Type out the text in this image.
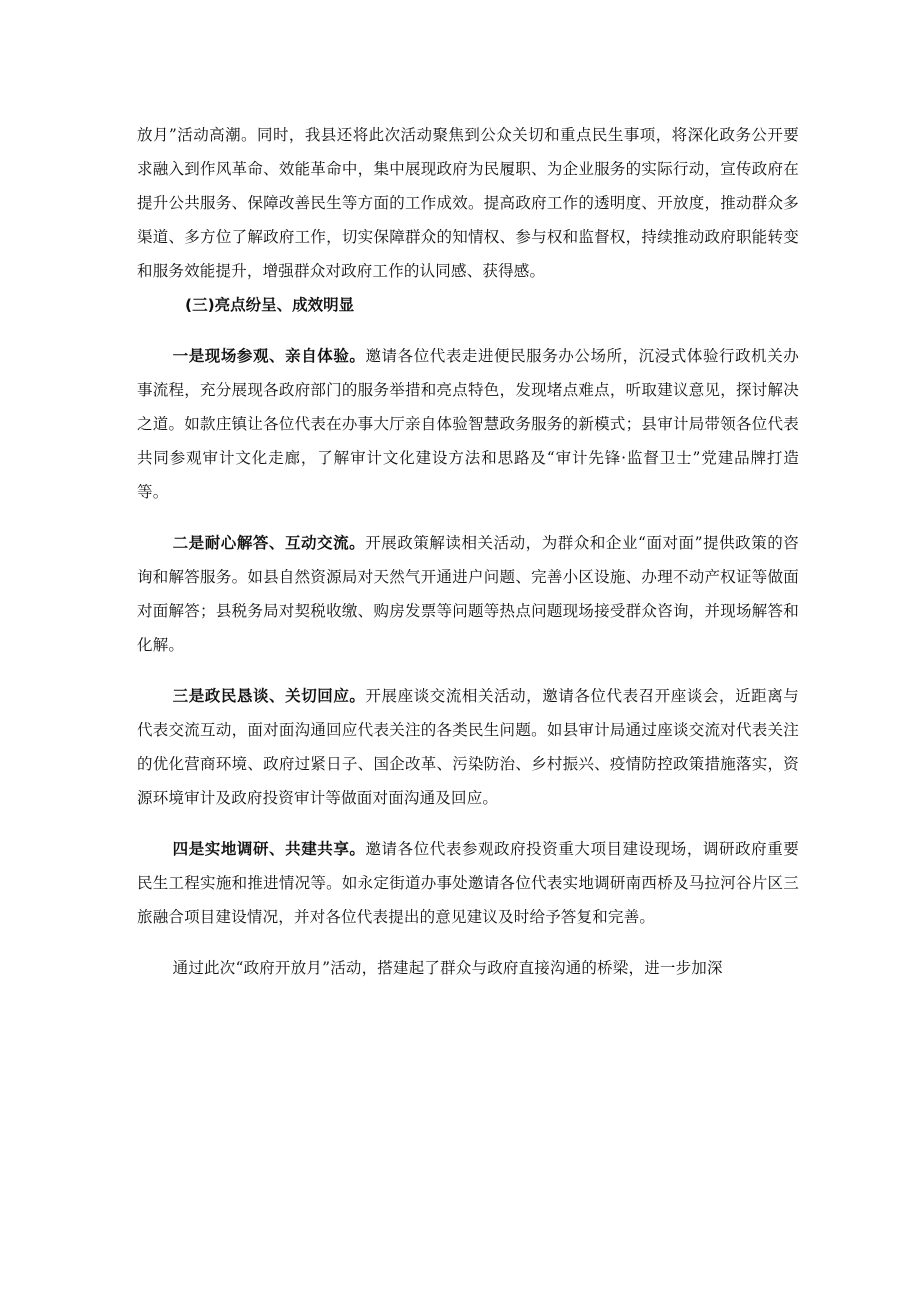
放月”活动高潮。同时，我县还将此次活动聚焦到公众关切和重点民生事项，将深化政务公开要求融入到作风革命、效能革命中，集中展现政府为民履职、为企业服务的实际行动，宣传政府在提升公共服务、保障改善民生等方面的工作成效。提高政府工作的透明度、开放度，推动群众多渠道、多方位了解政府工作，切实保障群众的知情权、参与权和监督权，持续推动政府职能转变和服务效能提升，增强群众对政府工作的认同感、获得感。

(三)亮点纷呈、成效明显

一是现场参观、亲自体验。邀请各位代表走进便民服务办公场所，沉浸式体验行政机关办事流程，充分展现各政府部门的服务举措和亮点特色，发现堵点难点，听取建议意见，探讨解决之道。如款庄镇让各位代表在办事大厅亲自体验智慧政务服务的新模式；县审计局带领各位代表共同参观审计文化走廊，了解审计文化建设方法和思路及“审计先锋·监督卫士”党建品牌打造等。

二是耐心解答、互动交流。开展政策解读相关活动，为群众和企业“面对面”提供政策的咨询和解答服务。如县自然资源局对天然气开通进户问题、完善小区设施、办理不动产权证等做面对面解答；县税务局对契税收缴、购房发票等问题等热点问题现场接受群众咨询，并现场解答和化解。

三是政民恳谈、关切回应。开展座谈交流相关活动，邀请各位代表召开座谈会，近距离与代表交流互动，面对面沟通回应代表关注的各类民生问题。如县审计局通过座谈交流对代表关注的优化营商环境、政府过紧日子、国企改革、污染防治、乡村振兴、疫情防控政策措施落实，资源环境审计及政府投资审计等做面对面沟通及回应。

四是实地调研、共建共享。邀请各位代表参观政府投资重大项目建设现场，调研政府重要民生工程实施和推进情况等。如永定街道办事处邀请各位代表实地调研南西桥及马拉河谷片区三旅融合项目建设情况，并对各位代表提出的意见建议及时给予答复和完善。

通过此次“政府开放月”活动，搭建起了群众与政府直接沟通的桥梁，进一步加深
